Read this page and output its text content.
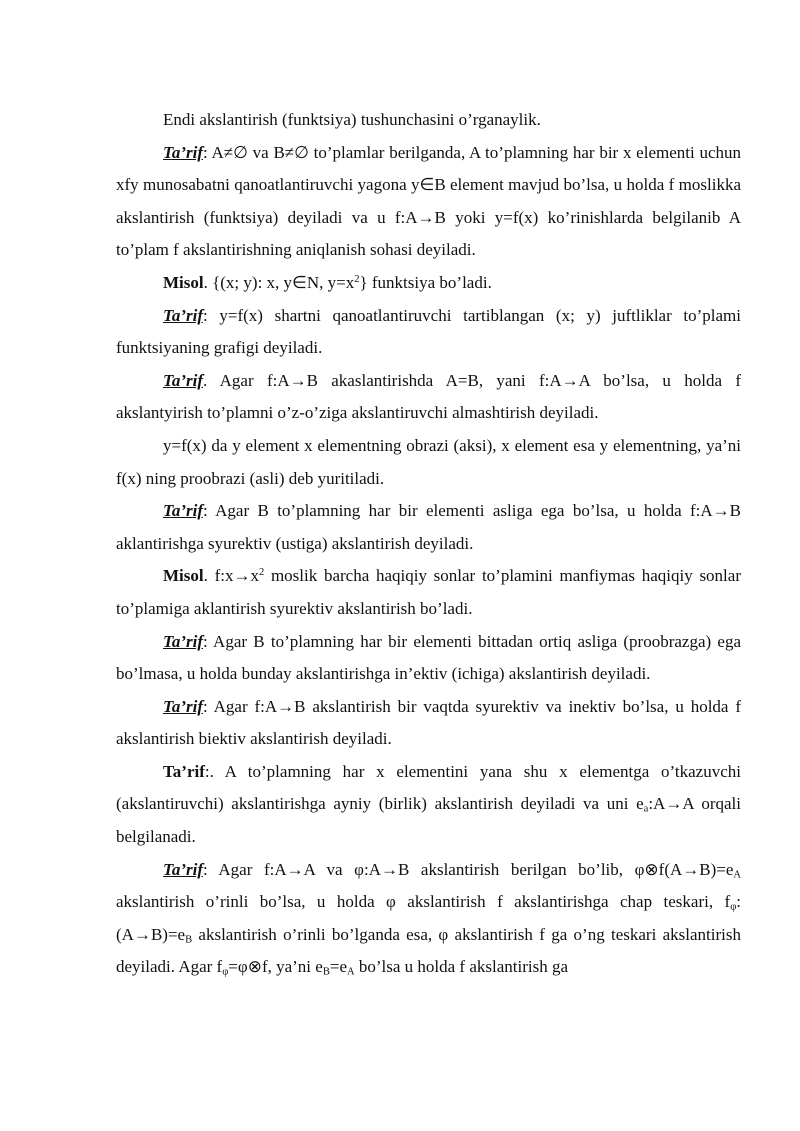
Endi akslantirish (funktsiya) tushunchasini o’rganaylik.

Ta’rif: A≠∅ va B≠∅ to’plamlar berilganda, A to’plamning har bir x elementi uchun xfy munosabatni qanoatlantiruvchi yagona y∈B element mavjud bo’lsa, u holda f moslikka akslantirish (funktsiya) deyiladi va u f:A→B yoki y=f(x) ko’rinishlarda belgilanib A to’plam f akslantirishning aniqlanish sohasi deyiladi.

Misol. {(x; y): x, y∈N, $y=x^2$} funktsiya bo’ladi.

Ta’rif: y=f(x) shartni qanoatlantiruvchi tartiblangan (x; y) juftliklar to’plami funktsiyaning grafigi deyiladi.

Ta’rif. Agar f:A→B akaslantirishda A=B, yani f:A→A bo’lsa, u holda f akslantyirish to’plamni o’z-o’ziga akslantiruvchi almashtirish deyiladi.

y=f(x) da y element x elementning obrazi (aksi), x element esa y elementning, ya’ni f(x) ning proobrazi (asli) deb yuritiladi.

Ta’rif: Agar B to’plamning har bir elementi asliga ega bo’lsa, u holda f:A→B aklantirishga syurektiv (ustiga) akslantirish deyiladi.

Misol. $f:x\to x^2$ moslik barcha haqiqiy sonlar to’plamini manfiymas haqiqiy sonlar to’plamiga aklantirish syurektiv akslantirish bo’ladi.

Ta’rif: Agar B to’plamning har bir elementi bittadan ortiq asliga (proobrazga) ega bo’lmasa, u holda bunday akslantirishga in’ektiv (ichiga) akslantirish deyiladi.

Ta’rif: Agar f:A→B akslantirish bir vaqtda syurektiv va inektiv bo’lsa, u holda f akslantirish biektiv akslantirish deyiladi.

Ta’rif:. A to’plamning har x elementini yana shu x elementga o’tkazuvchi (akslantiruvchi) akslantirishga ayniy (birlik) akslantirish deyiladi va uni $e_a:A\to A$ orqali belgilanadi.

Ta’rif: Agar f:A→A va φ:A→B akslantirish berilgan bo’lib, $\varphi\otimes f(A\to B)=e_A$ akslantirish o’rinli bo’lsa, u holda φ akslantirish f akslantirishga chap teskari, $f_\varphi$: $(A\to B)=e_B$ akslantirish o’rinli bo’lganda esa, φ akslantirish f ga o’ng teskari akslantirish deyiladi. Agar $f_\varphi=\varphi\otimes f$, ya’ni $e_B=e_A$ bo’lsa u holda f akslantirish ga
